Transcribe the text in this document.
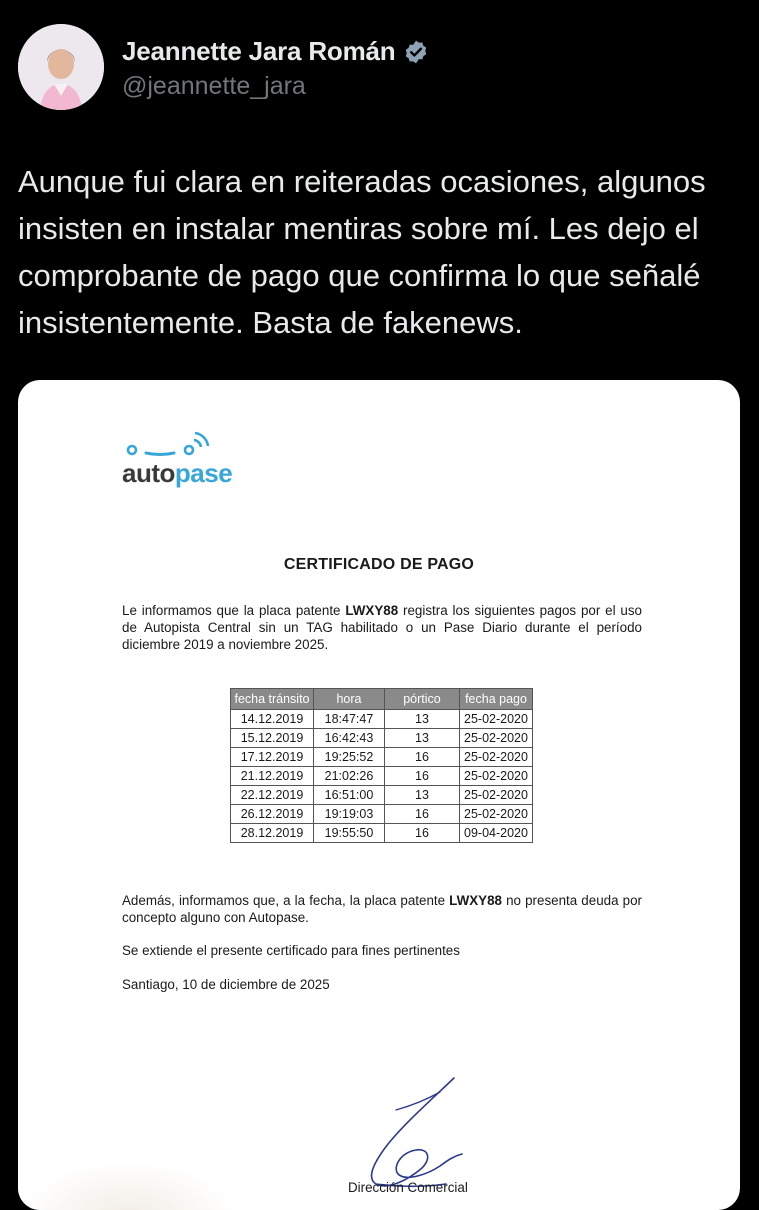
Jeannette Jara Román
@jeannette_jara
Aunque fui clara en reiteradas ocasiones, algunos insisten en instalar mentiras sobre mí. Les dejo el comprobante de pago que confirma lo que señalé insistentemente. Basta de fakenews.
autopase
CERTIFICADO DE PAGO
Le informamos que la placa patente LWXY88 registra los siguientes pagos por el uso de Autopista Central sin un TAG habilitado o un Pase Diario durante el período diciembre 2019 a noviembre 2025.
fecha tránsito	hora	pórtico	fecha pago
14.12.2019	18:47:47	13	25-02-2020
15.12.2019	16:42:43	13	25-02-2020
17.12.2019	19:25:52	16	25-02-2020
21.12.2019	21:02:26	16	25-02-2020
22.12.2019	16:51:00	13	25-02-2020
26.12.2019	19:19:03	16	25-02-2020
28.12.2019	19:55:50	16	09-04-2020
Además, informamos que, a la fecha, la placa patente LWXY88 no presenta deuda por concepto alguno con Autopase.
Se extiende el presente certificado para fines pertinentes
Santiago, 10 de diciembre de 2025
Dirección Comercial
